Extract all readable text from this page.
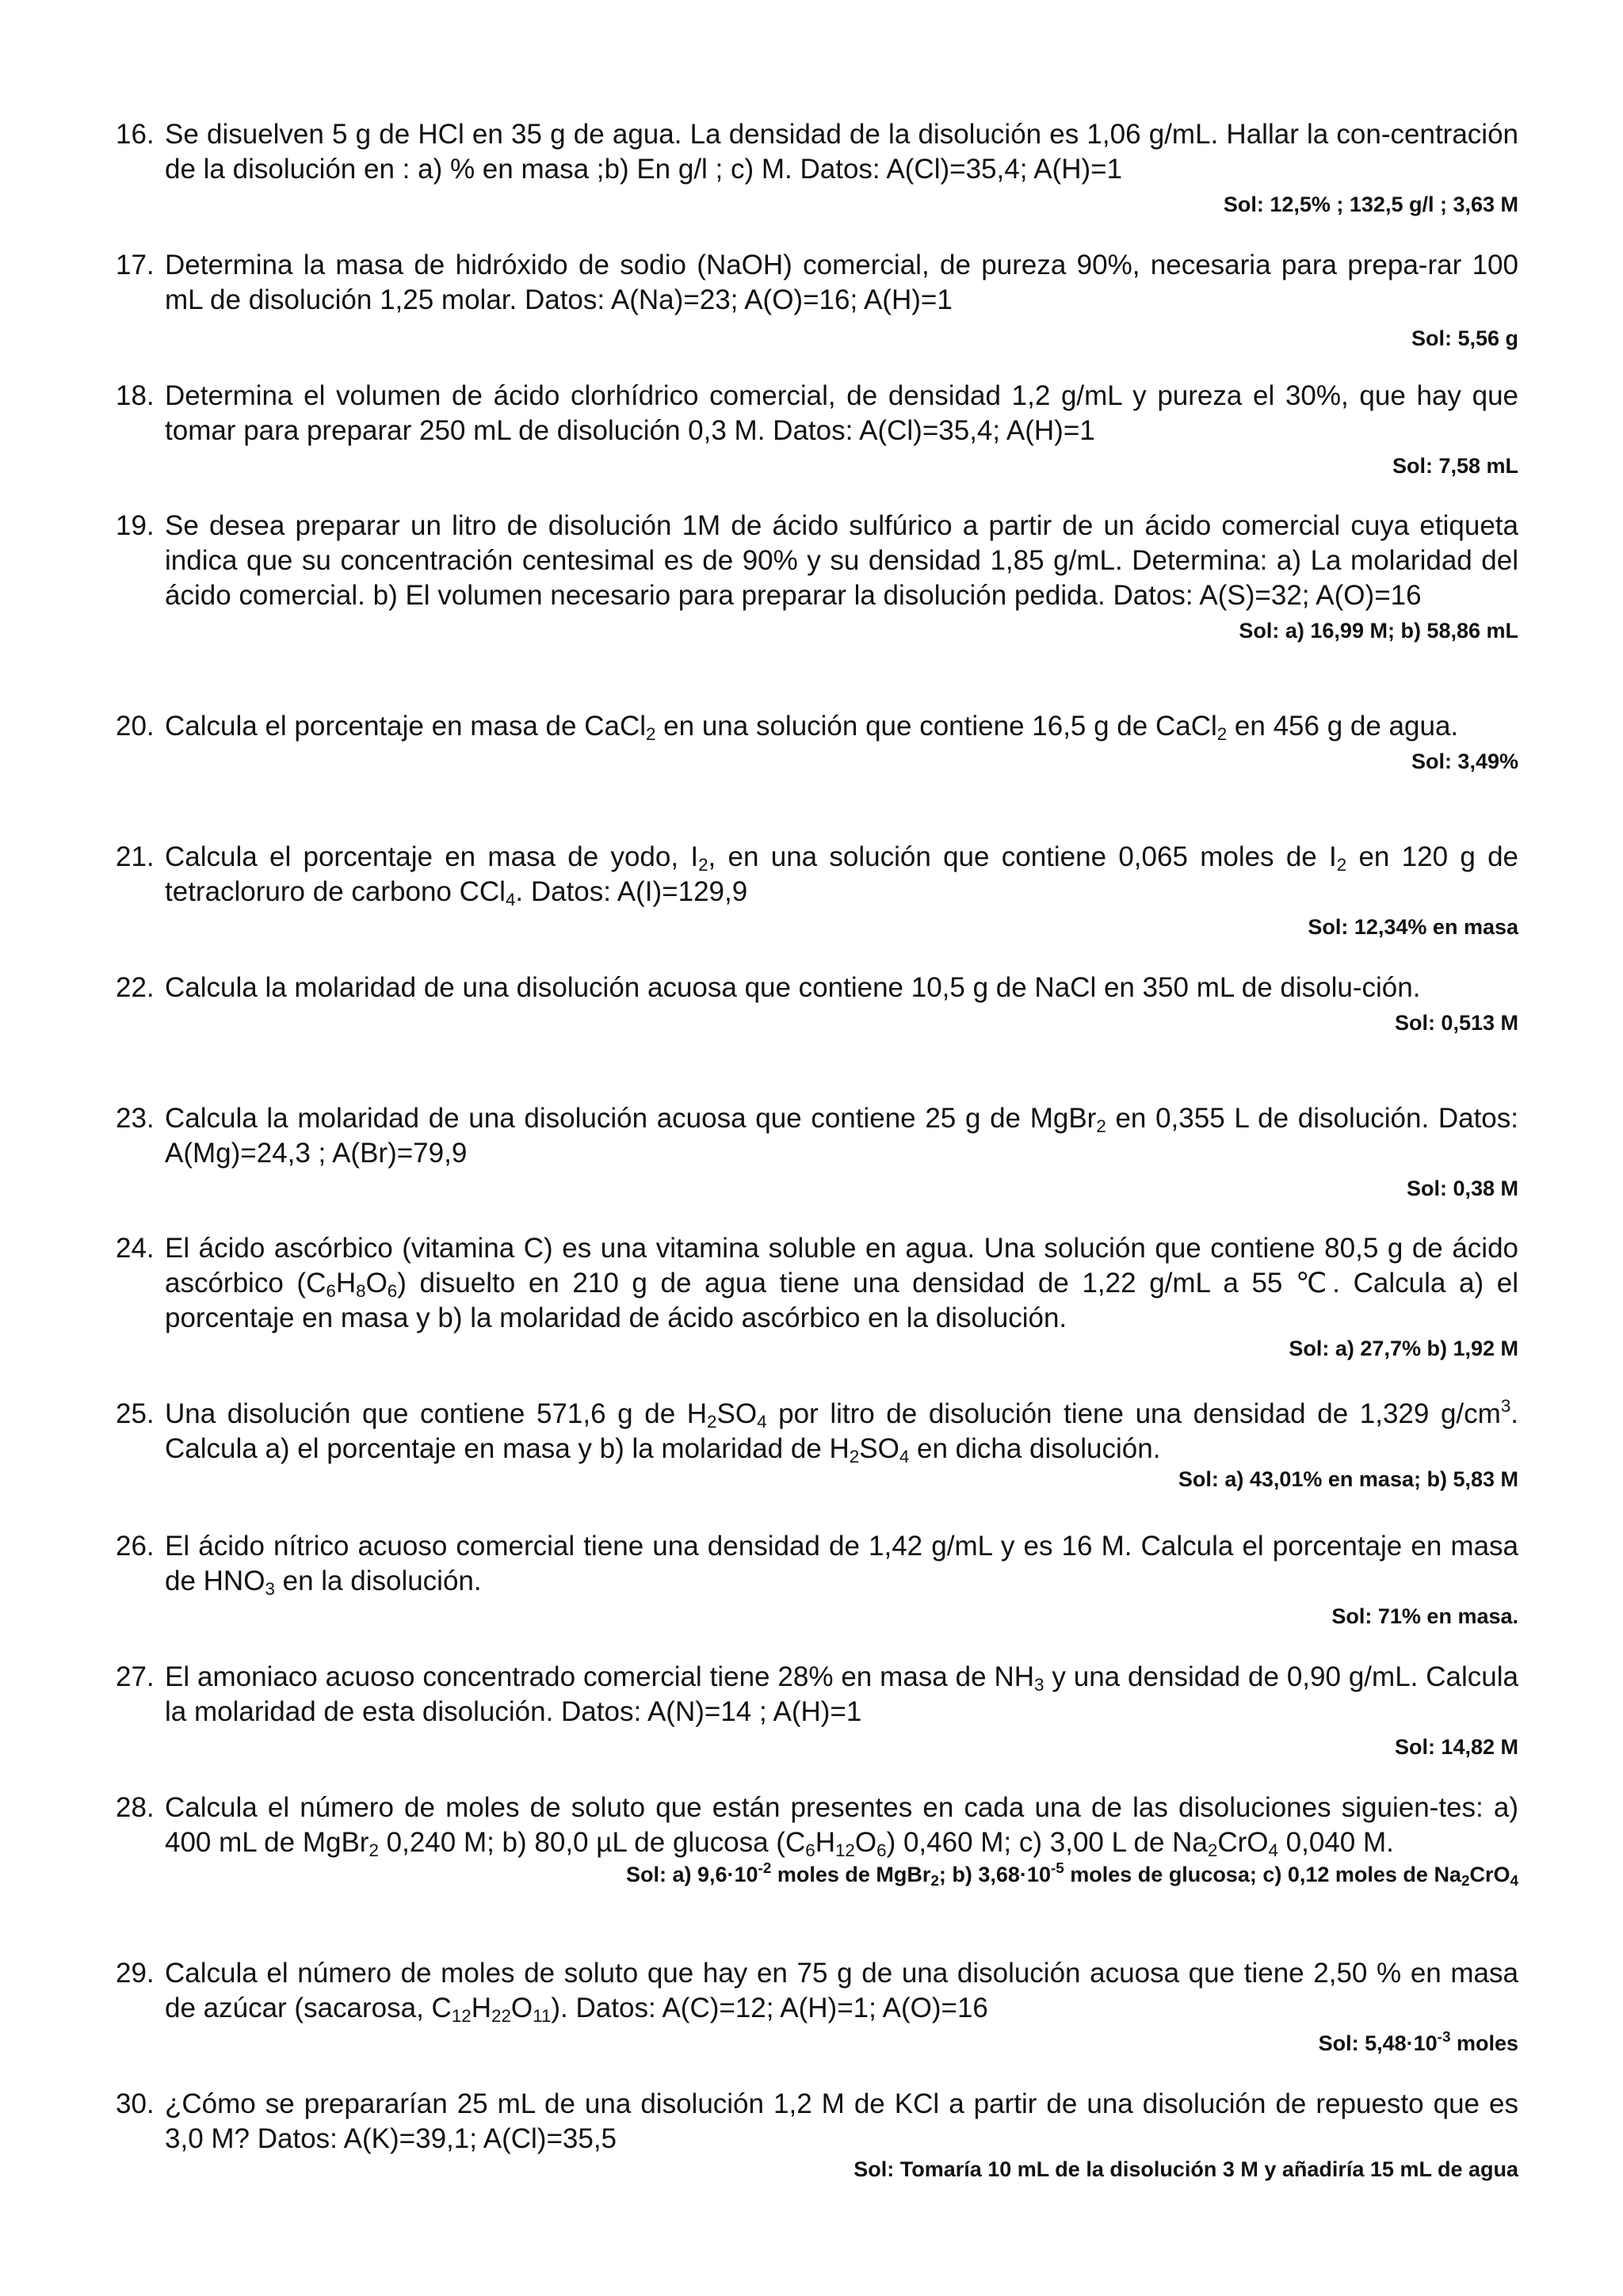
16. Se disuelven 5 g de HCl en 35 g de agua. La densidad de la disolución es 1,06 g/mL. Hallar la con-centración de la disolución en : a) % en masa ;b) En g/l ; c) M. Datos: A(Cl)=35,4; A(H)=1
Sol: 12,5% ; 132,5 g/l ; 3,63 M
17. Determina la masa de hidróxido de sodio (NaOH) comercial, de pureza 90%, necesaria para prepa-rar 100 mL de disolución 1,25 molar. Datos: A(Na)=23; A(O)=16; A(H)=1
Sol: 5,56 g
18. Determina el volumen de ácido clorhídrico comercial, de densidad 1,2 g/mL y pureza el 30%, que hay que tomar para preparar 250 mL de disolución 0,3 M. Datos: A(Cl)=35,4; A(H)=1
Sol: 7,58 mL
19. Se desea preparar un litro de disolución 1M de ácido sulfúrico a partir de un ácido comercial cuya etiqueta indica que su concentración centesimal es de 90% y su densidad 1,85 g/mL. Determina: a) La molaridad del ácido comercial. b) El volumen necesario para preparar la disolución pedida. Datos: A(S)=32; A(O)=16
Sol: a) 16,99 M; b) 58,86 mL
20. Calcula el porcentaje en masa de CaCl$_2$ en una solución que contiene 16,5 g de CaCl$_2$ en 456 g de agua.
Sol: 3,49%
21. Calcula el porcentaje en masa de yodo, $I_2$, en una solución que contiene 0,065 moles de $I_2$ en 120 g de tetracloruro de carbono CCl$_4$. Datos: A(I)=129,9
Sol: 12,34% en masa
22. Calcula la molaridad de una disolución acuosa que contiene 10,5 g de NaCl en 350 mL de disolu-ción.
Sol: 0,513 M
23. Calcula la molaridad de una disolución acuosa que contiene 25 g de MgBr$_2$ en 0,355 L de disolución. Datos: A(Mg)=24,3 ; A(Br)=79,9
Sol: 0,38 M
24. El ácido ascórbico (vitamina C) es una vitamina soluble en agua. Una solución que contiene 80,5 g de ácido ascórbico $(C_6H_8O_6)$ disuelto en 210 g de agua tiene una densidad de 1,22 g/mL a 55 ℃. Calcula a) el porcentaje en masa y b) la molaridad de ácido ascórbico en la disolución.
Sol: a) 27,7% b) 1,92 M
25. Una disolución que contiene 571,6 g de $H_2SO_4$ por litro de disolución tiene una densidad de 1,329 $g/cm^3$. Calcula a) el porcentaje en masa y b) la molaridad de $H_2SO_4$ en dicha disolución.
Sol: a) 43,01% en masa; b) 5,83 M
26. El ácido nítrico acuoso comercial tiene una densidad de 1,42 g/mL y es 16 M. Calcula el porcentaje en masa de $HNO_3$ en la disolución.
Sol: 71% en masa.
27. El amoniaco acuoso concentrado comercial tiene 28% en masa de $NH_3$ y una densidad de 0,90 g/mL. Calcula la molaridad de esta disolución. Datos: A(N)=14 ; A(H)=1
Sol: 14,82 M
28. Calcula el número de moles de soluto que están presentes en cada una de las disoluciones siguien-tes: a) 400 mL de MgBr$_2$ 0,240 M; b) 80,0 µL de glucosa $(C_6H_{12}O_6)$ 0,460 M; c) 3,00 L de $Na_2CrO_4$ 0,040 M.
Sol: a) $9,6\cdot 10^{-2}$ moles de MgBr$_2$; b) $3,68\cdot 10^{-5}$ moles de glucosa; c) 0,12 moles de $Na_2CrO_4$
29. Calcula el número de moles de soluto que hay en 75 g de una disolución acuosa que tiene 2,50 % en masa de azúcar (sacarosa, $C_{12}H_{22}O_{11}$). Datos: A(C)=12; A(H)=1; A(O)=16
Sol: $5,48\cdot 10^{-3}$ moles
30. ¿Cómo se prepararían 25 mL de una disolución 1,2 M de KCl a partir de una disolución de repuesto que es 3,0 M? Datos: A(K)=39,1; A(Cl)=35,5
Sol: Tomaría 10 mL de la disolución 3 M y añadiría 15 mL de agua
